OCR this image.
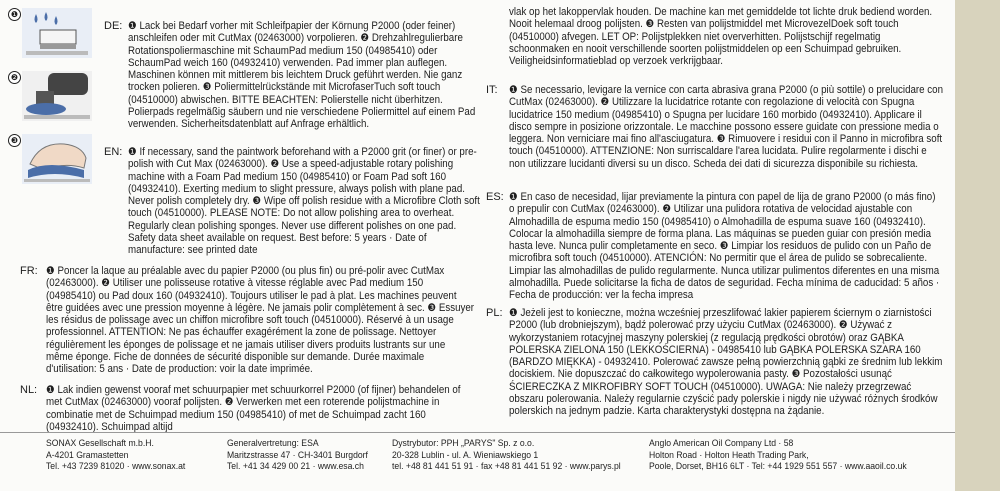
❶
❷
❸
DE: ❶ Lack bei Bedarf vorher mit Schleifpapier der Körnung P2000 (oder feiner) anschleifen oder mit CutMax (02463000) vorpolieren. ❷ Drehzahlregulierbare Rotationspoliermaschine mit SchaumPad medium 150 (04985410) oder SchaumPad weich 160 (04932410) verwenden. Pad immer plan auflegen. Maschinen können mit mittlerem bis leichtem Druck geführt werden. Nie ganz trocken polieren. ❸ Poliermittelrückstände mit MicrofaserTuch soft touch (04510000) abwischen. BITTE BEACHTEN: Polierstelle nicht überhitzen. Polierpads regelmäßig säubern und nie verschiedene Poliermittel auf einem Pad verwenden. Sicherheitsdatenblatt auf Anfrage erhältlich.
EN: ❶ If necessary, sand the paintwork beforehand with a P2000 grit (or finer) or pre-polish with Cut Max (02463000). ❷ Use a speed-adjustable rotary polishing machine with a Foam Pad medium 150 (04985410) or Foam Pad soft 160 (04932410). Exerting medium to slight pressure, always polish with plane pad. Never polish completely dry. ❸ Wipe off polish residue with a Microfibre Cloth soft touch (04510000). PLEASE NOTE: Do not allow polishing area to overheat. Regularly clean polishing sponges. Never use different polishes on one pad. Safety data sheet available on request. Best before: 5 years · Date of manufacture: see printed date
FR: ❶ Poncer la laque au préalable avec du papier P2000 (ou plus fin) ou pré-polir avec CutMax (02463000). ❷ Utiliser une polisseuse rotative à vitesse réglable avec Pad medium 150 (04985410) ou Pad doux 160 (04932410). Toujours utiliser le pad à plat. Les machines peuvent être guidées avec une pression moyenne à légère. Ne jamais polir complètement à sec. ❸ Essuyer les résidus de polissage avec un chiffon microfibre soft touch (04510000). Réservé à un usage professionnel. ATTENTION: Ne pas échauffer exagérément la zone de polissage. Nettoyer régulièrement les éponges de polissage et ne jamais utiliser divers produits lustrants sur une même éponge. Fiche de données de sécurité disponible sur demande. Durée maximale d'utilisation: 5 ans · Date de production: voir la date imprimée.
NL: ❶ Lak indien gewenst vooraf met schuurpapier met schuurkorrel P2000 (of fijner) behandelen of met CutMax (02463000) vooraf polijsten. ❷ Verwerken met een roterende polijstmachine in combinatie met de Schuimpad medium 150 (04985410) of met de Schuimpad zacht 160 (04932410). Schuimpad altijd
vlak op het lakoppervlak houden. De machine kan met gemiddelde tot lichte druk bediend worden. Nooit helemaal droog polijsten. ❸ Resten van polijstmiddel met MicrovezelDoek soft touch (04510000) afvegen. LET OP: Polijstplekken niet oververhitten. Polijstschijf regelmatig schoonmaken en nooit verschillende soorten polijstmiddelen op een Schuimpad gebruiken. Veiligheidsinformatieblad op verzoek verkrijgbaar.
IT: ❶ Se necessario, levigare la vernice con carta abrasiva grana P2000 (o più sottile) o prelucidare con CutMax (02463000). ❷ Utilizzare la lucidatrice rotante con regolazione di velocità con Spugna lucidatrice 150 medium (04985410) o Spugna per lucidare 160 morbido (04932410). Applicare il disco sempre in posizione orizzontale. Le macchine possono essere guidate con pressione media o leggera. Non verniciare mai fino all'asciugatura. ❸ Rimuovere i residui con il Panno in microfibra soft touch (04510000). ATTENZIONE: Non surriscaldare l'area lucidata. Pulire regolarmente i dischi e non utilizzare lucidanti diversi su un disco. Scheda dei dati di sicurezza disponibile su richiesta.
ES: ❶ En caso de necesidad, lijar previamente la pintura con papel de lija de grano P2000 (o más fino) o prepulir con CutMax (02463000). ❷ Utilizar una pulidora rotativa de velocidad ajustable con Almohadilla de espuma medio 150 (04985410) o Almohadilla de espuma suave 160 (04932410). Colocar la almohadilla siempre de forma plana. Las máquinas se pueden guiar con presión media hasta leve. Nunca pulir completamente en seco. ❸ Limpiar los residuos de pulido con un Paño de microfibra soft touch (04510000). ATENCIÓN: No permitir que el área de pulido se sobrecaliente. Limpiar las almohadillas de pulido regularmente. Nunca utilizar pulimentos diferentes en una misma almohadilla. Puede solicitarse la ficha de datos de seguridad. Fecha mínima de caducidad: 5 años · Fecha de producción: ver la fecha impresa
PL: ❶ Jeżeli jest to konieczne, można wcześniej przeszlifować lakier papierem ściernym o ziarnistości P2000 (lub drobniejszym), bądź polerować przy użyciu CutMax (02463000). ❷ Używać z wykorzystaniem rotacyjnej maszyny polerskiej (z regulacją prędkości obrotów) oraz GĄBKA POLERSKA ZIELONA 150 (LEKKOŚCIERNA) - 04985410 lub GĄBKA POLERSKA SZARA 160 (BARDZO MIĘKKA) - 04932410. Polerować zawsze pełną powierzchnią gąbki ze średnim lub lekkim dociskiem. Nie dopuszczać do całkowitego wypolerowania pasty. ❸ Pozostałości usunąć ŚCIERECZKA Z MIKROFIBRY SOFT TOUCH (04510000). UWAGA: Nie należy przegrzewać obszaru polerowania. Należy regularnie czyścić pady polerskie i nigdy nie używać różnych środków polerskich na jednym padzie. Karta charakterystyki dostępna na żądanie.
SONAX Gesellschaft m.b.H.
A-4201 Gramastetten
Tel. +43 7239 81020 · www.sonax.at
Generalvertretung: ESA
Maritzstrasse 47 · CH-3401 Burgdorf
Tel. +41 34 429 00 21 · www.esa.ch
Dystrybutor: PPH „PARYS" Sp. z o.o.
20-328 Lublin - ul. A. Wieniawskiego 1
tel. +48 81 441 51 91 · fax +48 81 441 51 92 · www.parys.pl
Anglo American Oil Company Ltd · 58
Holton Road · Holton Heath Trading Park,
Poole, Dorset, BH16 6LT · Tel: +44 1929 551 557 · www.aaoil.co.uk
